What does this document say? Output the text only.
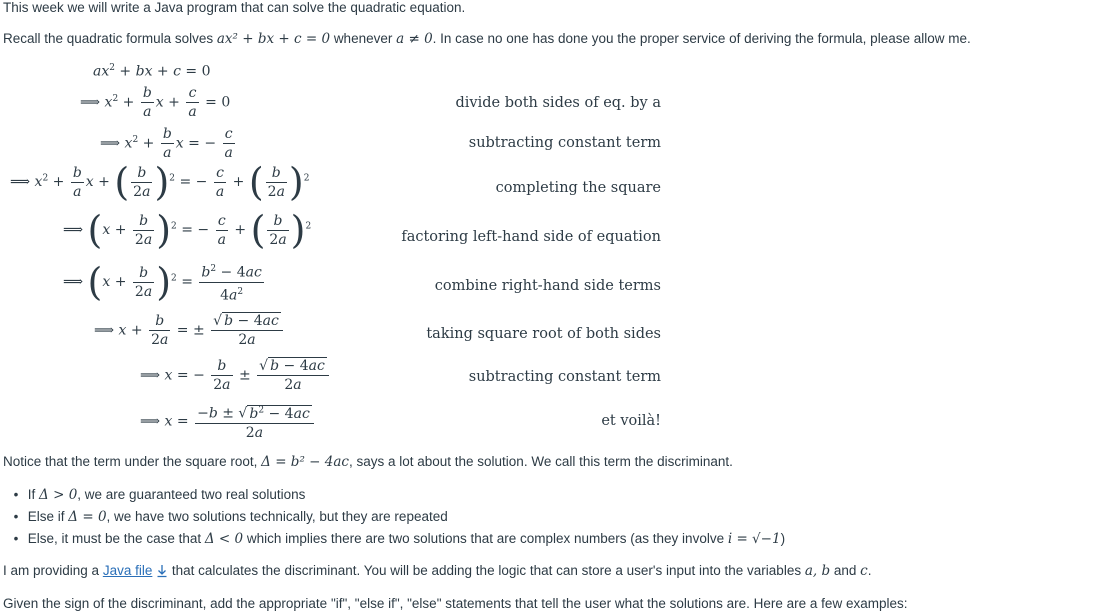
This week we will write a Java program that can solve the quadratic equation.
Recall the quadratic formula solves ax² + bx + c = 0 whenever a ≠ 0. In case no one has done you the proper service of deriving the formula, please allow me.
$ax^2$ + bx + c = 0
⟹ $x^2 + \frac{b}{a}$ $x + \frac{c}{a} = 0$
⟹ $x^2 + \frac{b}{a}$ x = − $\frac{c}{a}$
⟹ $x^2 + \frac{b}{a}$ x + ( $\frac{b}{2a} )^2$ = − $\frac{c}{a}$ + ( $\frac{b}{2a} )^2$
⟹ $(x + \frac{b}{2a} )^2$ = − $\frac{c}{a}$ + ( $\frac{b}{2a} )^2$
⟹ $(x + \frac{b}{2a} )^2 = \frac{b^2 - 4ac}{4a^2}$
⟹ $x + \frac{b}{2a}$ = ± $\frac{√ b - 4ac}{2a}$
⟹ x = − $\frac{b}{2a} \pm \frac{√ b - 4ac}{2a}$
⟹ $x = \frac{-b \pm √ b^2 - 4ac}{2a}$
divide both sides of eq. by a
subtracting constant term
completing the square
factoring left-hand side of equation
combine right-hand side terms
taking square root of both sides
subtracting constant term
et voilà!
Notice that the term under the square root, Δ = b² − 4ac, says a lot about the solution. We call this term the discriminant.
• If Δ > 0, we are guaranteed two real solutions
• Else if Δ = 0, we have two solutions technically, but they are repeated
• Else, it must be the case that Δ < 0 which implies there are two solutions that are complex numbers (as they involve i = √−1)
I am providing a Java file  that calculates the discriminant. You will be adding the logic that can store a user's input into the variables a, b and c.
Given the sign of the discriminant, add the appropriate "if", "else if", "else" statements that tell the user what the solutions are. Here are a few examples:
